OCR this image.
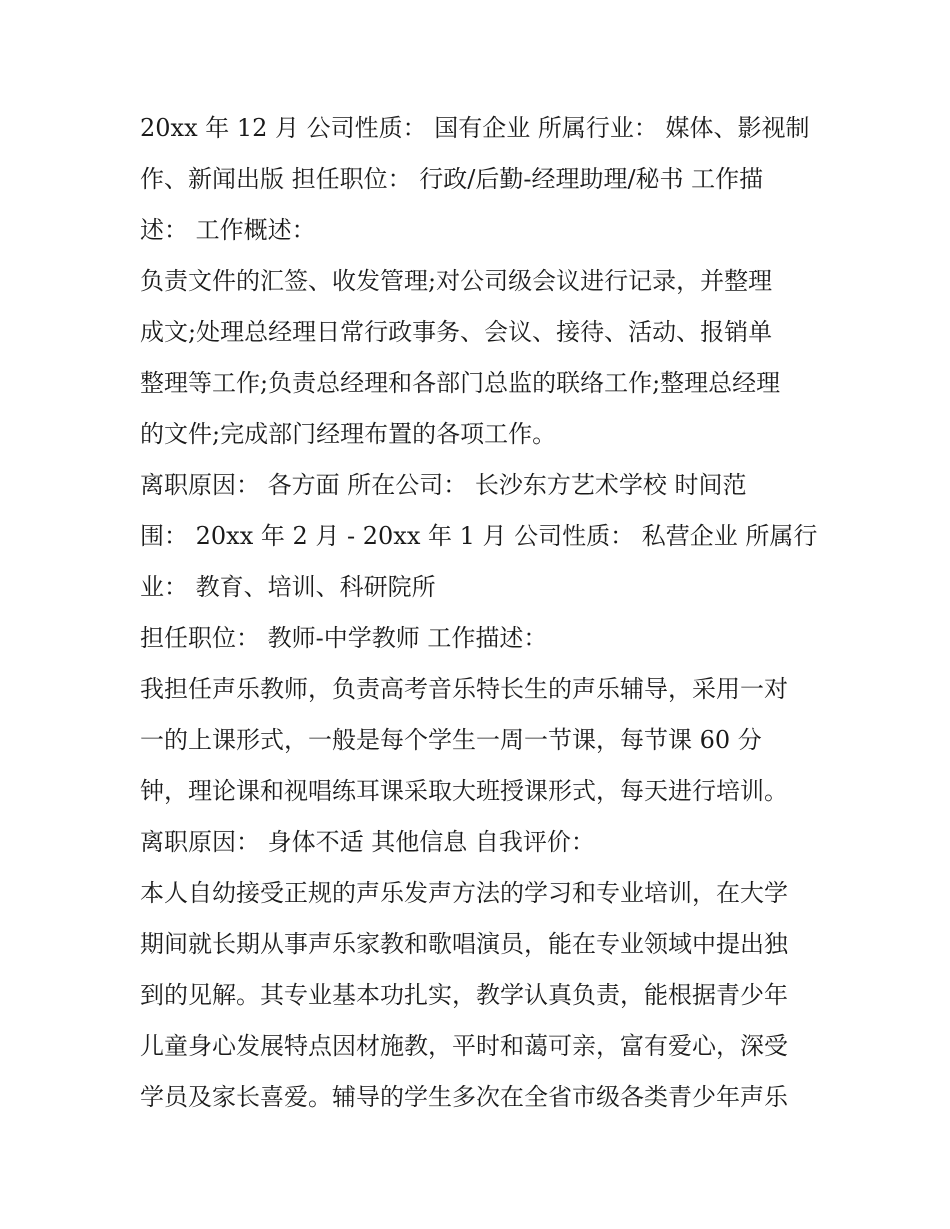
20xx 年 12 月 公司性质： 国有企业 所属行业： 媒体、影视制
作、新闻出版 担任职位： 行政/后勤-经理助理/秘书 工作描
述： 工作概述：
负责文件的汇签、收发管理;对公司级会议进行记录，并整理
成文;处理总经理日常行政事务、会议、接待、活动、报销单
整理等工作;负责总经理和各部门总监的联络工作;整理总经理
的文件;完成部门经理布置的各项工作。
离职原因： 各方面 所在公司： 长沙东方艺术学校 时间范
围： 20xx 年 2 月 - 20xx 年 1 月 公司性质： 私营企业 所属行
业： 教育、培训、科研院所
担任职位： 教师-中学教师 工作描述：
我担任声乐教师，负责高考音乐特长生的声乐辅导，采用一对
一的上课形式，一般是每个学生一周一节课，每节课 60 分
钟，理论课和视唱练耳课采取大班授课形式，每天进行培训。
离职原因： 身体不适 其他信息 自我评价：
本人自幼接受正规的声乐发声方法的学习和专业培训，在大学
期间就长期从事声乐家教和歌唱演员，能在专业领域中提出独
到的见解。其专业基本功扎实，教学认真负责，能根据青少年
儿童身心发展特点因材施教，平时和蔼可亲，富有爱心，深受
学员及家长喜爱。辅导的学生多次在全省市级各类青少年声乐
